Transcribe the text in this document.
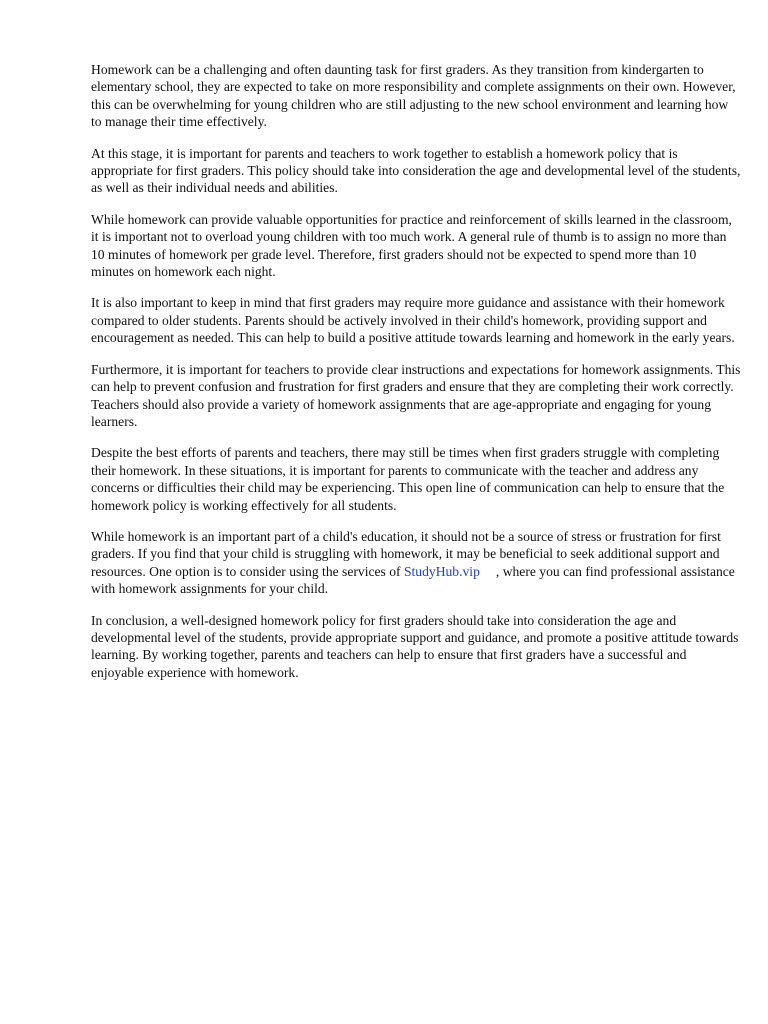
Homework can be a challenging and often daunting task for first graders. As they transition from kindergarten to elementary school, they are expected to take on more responsibility and complete assignments on their own. However, this can be overwhelming for young children who are still adjusting to the new school environment and learning how to manage their time effectively.

At this stage, it is important for parents and teachers to work together to establish a homework policy that is appropriate for first graders. This policy should take into consideration the age and developmental level of the students, as well as their individual needs and abilities.

While homework can provide valuable opportunities for practice and reinforcement of skills learned in the classroom, it is important not to overload young children with too much work. A general rule of thumb is to assign no more than 10 minutes of homework per grade level. Therefore, first graders should not be expected to spend more than 10 minutes on homework each night.

It is also important to keep in mind that first graders may require more guidance and assistance with their homework compared to older students. Parents should be actively involved in their child's homework, providing support and encouragement as needed. This can help to build a positive attitude towards learning and homework in the early years.

Furthermore, it is important for teachers to provide clear instructions and expectations for homework assignments. This can help to prevent confusion and frustration for first graders and ensure that they are completing their work correctly. Teachers should also provide a variety of homework assignments that are age-appropriate and engaging for young learners.

Despite the best efforts of parents and teachers, there may still be times when first graders struggle with completing their homework. In these situations, it is important for parents to communicate with the teacher and address any concerns or difficulties their child may be experiencing. This open line of communication can help to ensure that the homework policy is working effectively for all students.

While homework is an important part of a child's education, it should not be a source of stress or frustration for first graders. If you find that your child is struggling with homework, it may be beneficial to seek additional support and resources. One option is to consider using the services of StudyHub.vip , where you can find professional assistance with homework assignments for your child.

In conclusion, a well-designed homework policy for first graders should take into consideration the age and developmental level of the students, provide appropriate support and guidance, and promote a positive attitude towards learning. By working together, parents and teachers can help to ensure that first graders have a successful and enjoyable experience with homework.
